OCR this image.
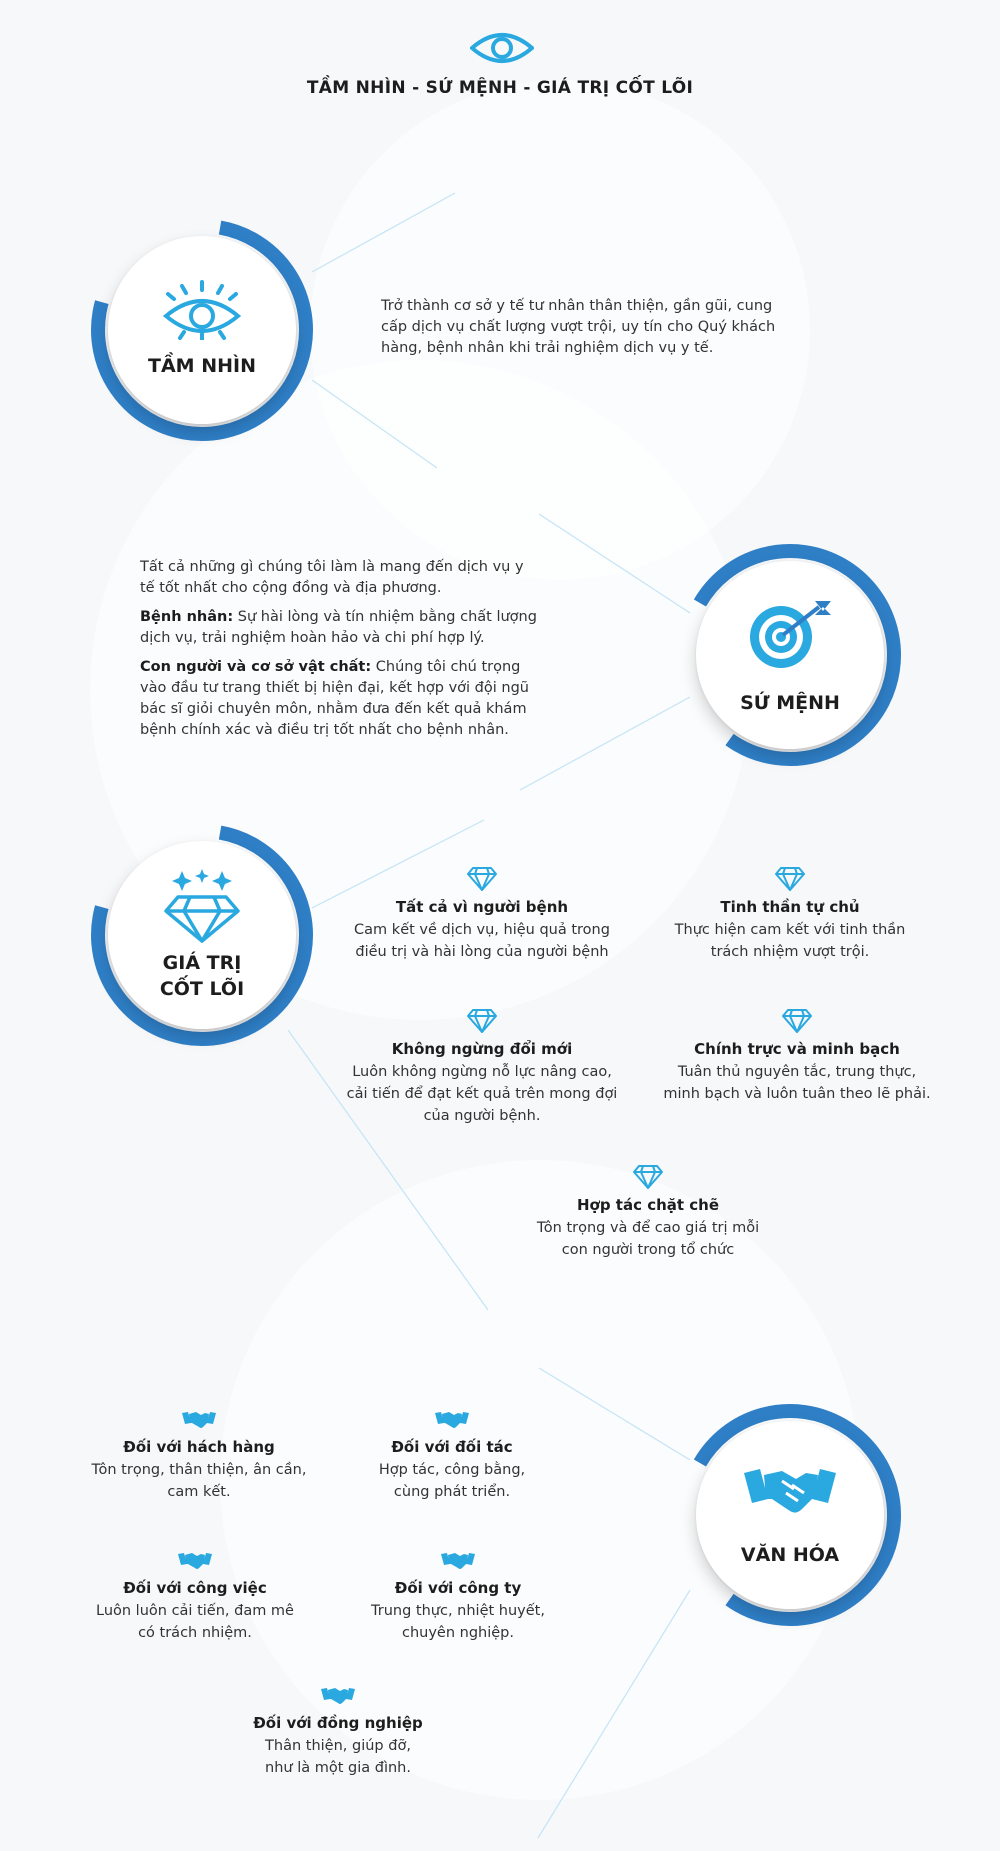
TẦM NHÌN - SỨ MỆNH - GIÁ TRỊ CỐT LÕI
TẦM NHÌN
Trở thành cơ sở y tế tư nhân thân thiện, gần gũi, cung cấp dịch vụ chất lượng vượt trội, uy tín cho Quý khách hàng, bệnh nhân khi trải nghiệm dịch vụ y tế.
Tất cả những gì chúng tôi làm là mang đến dịch vụ y tế tốt nhất cho cộng đồng và địa phương.
Bệnh nhân: Sự hài lòng và tín nhiệm bằng chất lượng dịch vụ, trải nghiệm hoàn hảo và chi phí hợp lý.
Con người và cơ sở vật chất: Chúng tôi chú trọng vào đầu tư trang thiết bị hiện đại, kết hợp với đội ngũ bác sĩ giỏi chuyên môn, nhằm đưa đến kết quả khám bệnh chính xác và điều trị tốt nhất cho bệnh nhân.
SỨ MỆNH
GIÁ TRỊ
CỐT LÕI
Tất cả vì người bệnh
Cam kết về dịch vụ, hiệu quả trong
điều trị và hài lòng của người bệnh
Tinh thần tự chủ
Thực hiện cam kết với tinh thần
trách nhiệm vượt trội.
Không ngừng đổi mới
Luôn không ngừng nỗ lực nâng cao,
cải tiến để đạt kết quả trên mong đợi
của người bệnh.
Chính trực và minh bạch
Tuân thủ nguyên tắc, trung thực,
minh bạch và luôn tuân theo lẽ phải.
Hợp tác chặt chẽ
Tôn trọng và để cao giá trị mỗi
con người trong tổ chức
VĂN HÓA
Đối với hách hàng
Tôn trọng, thân thiện, ân cần,
cam kết.
Đối với đối tác
Hợp tác, công bằng,
cùng phát triển.
Đối với công việc
Luôn luôn cải tiến, đam mê
có trách nhiệm.
Đối với công ty
Trung thực, nhiệt huyết,
chuyên nghiệp.
Đối với đồng nghiệp
Thân thiện, giúp đỡ,
như là một gia đình.
